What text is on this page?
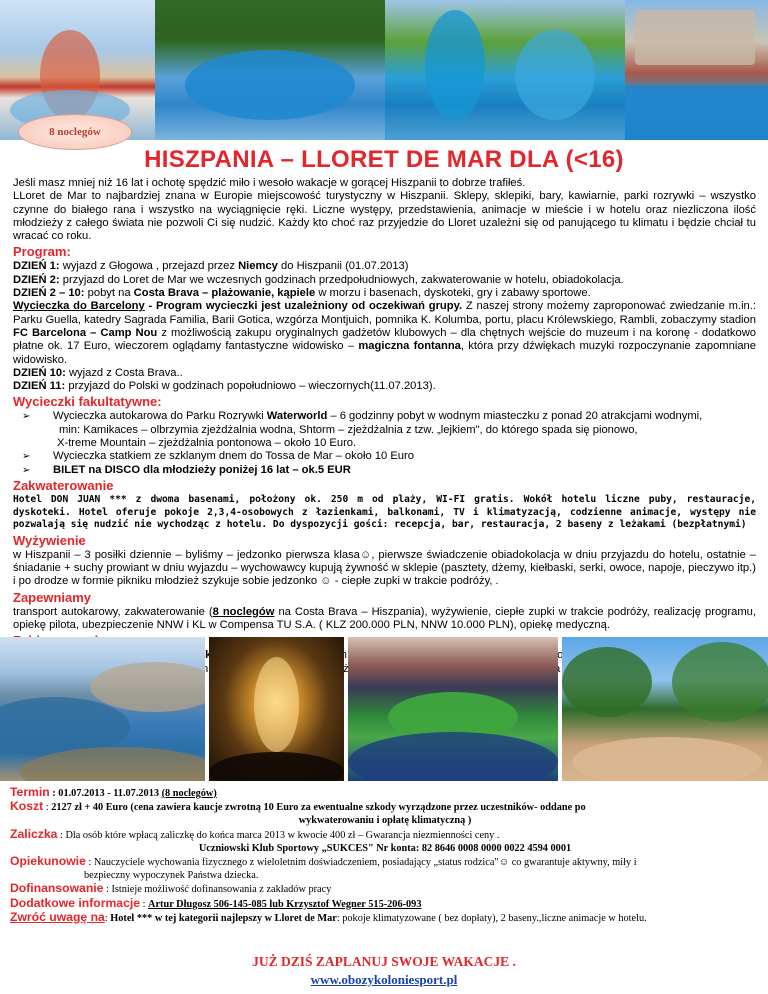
8 noclegów
HISZPANIA – LLORET DE MAR DLA (<16)

Jeśli masz mniej niż 16 lat i ochotę spędzić miło i wesoło wakacje w gorącej Hiszpanii to dobrze trafiłeś.

LLoret de Mar to najbardziej znana w Europie miejscowość turystyczny w Hiszpanii. Sklepy, sklepiki, bary, kawiarnie, parki rozrywki – wszystko czynne do białego rana i wszystko na wyciągnięcie ręki. Liczne występy, przedstawienia, animacje w mieście i w hotelu oraz niezliczona ilość młodzieży z całego świata nie pozwoli Ci się nudzić. Każdy kto choć raz przyjedzie do Lloret uzależni się od panującego tu klimatu i będzie chciał tu wracać co roku.

Program:

DZIEŃ 1: wyjazd z Głogowa , przejazd przez Niemcy do Hiszpanii (01.07.2013)

DZIEŃ 2: przyjazd do Loret de Mar we wczesnych godzinach przedpołudniowych, zakwaterowanie w hotelu, obiadokolacja.

DZIEŃ 2 – 10: pobyt na Costa Brava – plażowanie, kąpiele w morzu i basenach, dyskoteki, gry i zabawy sportowe.

Wycieczka do Barcelony - Program wycieczki jest uzależniony od oczekiwań grupy. Z naszej strony możemy zaproponować zwiedzanie m.in.: Parku Guella, katedry Sagrada Familia, Barii Gotica, wzgórza Montjuich, pomnika K. Kolumba, portu, placu Królewskiego, Rambli, zobaczymy stadion FC Barcelona – Camp Nou z możliwością zakupu oryginalnych gadżetów klubowych – dla chętnych wejście do muzeum i na koronę - dodatkowo płatne ok. 17 Euro, wieczorem oglądamy fantastyczne widowisko – magiczna fontanna, która przy dźwiękach muzyki rozpoczynanie zapomniane widowisko.

DZIEŃ 10: wyjazd z Costa Brava..

DZIEŃ 11: przyjazd do Polski w godzinach popołudniowo – wieczornych(11.07.2013).

Wycieczki fakultatywne:
➢ Wycieczka autokarowa do Parku Rozrywki Waterworld – 6 godzinny pobyt w wodnym miasteczku z ponad 20 atrakcjami wodnymi,
min: Kamikaces – olbrzymia zjeżdżalnia wodna, Shtorm – zjeżdżalnia z tzw. „lejkiem", do którego spada się pionowo,
X-treme Mountain – zjeżdżalnia pontonowa – około 10 Euro.
➢ Wycieczka statkiem ze szklanym dnem do Tossa de Mar – około 10 Euro
➢ BILET na DISCO dla młodzieży poniżej 16 lat – ok.5 EUR
Zakwaterowanie

Hotel DON JUAN *** z dwoma basenami, położony ok. 250 m od plaży, WI-FI gratis. Wokół hotelu liczne puby, restauracje, dyskoteki. Hotel oferuje pokoje 2,3,4-osobowych z łazienkami, balkonami, TV i klimatyzacją, codzienne animacje, występy nie pozwalają się nudzić nie wychodząc z hotelu. Do dyspozycji gości: recepcja, bar, restauracja, 2 baseny z leżakami (bezpłatnymi)

Wyżywienie

w Hiszpanii – 3 posiłki dziennie – byliśmy – jedzonko pierwsza klasa☺, pierwsze świadczenie obiadokolacja w dniu przyjazdu do hotelu, ostatnie – śniadanie + suchy prowiant w dniu wyjazdu – wychowawcy kupują żywność w sklepie (pasztety, dżemy, kiełbaski, serki, owoce, napoje, pieczywo itp.) i po drodze w formie pikniku młodzież szykuje sobie jedzonko ☺ - ciepłe zupki w trakcie podróży, .

Zapewniamy

transport autokarowy, zakwaterowanie (8 noclegów na Costa Brava – Hiszpania), wyżywienie, ciepłe zupki w trakcie podróży, realizację programu, opiekę pilota, ubezpieczenie NNW i KL w Compensa TU S.A. ( KLZ 200.000 PLN, NNW 10.000 PLN), opiekę medyczną.

każdy

Termin : 01.07.2013 - 11.07.2013 (8 noclegów)
Koszt : 2127 zł + 40 Euro (cena zawiera kaucje zwrotną 10 Euro za ewentualne szkody wyrządzone przez uczestników- oddane po
wykwaterowaniu i opłatę klimatyczną )
Zaliczka : Dla osób które wpłacą zaliczkę do końca marca 2013 w kwocie 400 zł – Gwarancja niezmienności ceny .
Uczniowski Klub Sportowy „SUKCES" Nr konta: 82 8646 0008 0000 0022 4594 0001
Opiekunowie : Nauczyciele wychowania fizycznego z wieloletnim doświadczeniem, posiadający „status rodzica"☺ co gwarantuje aktywny, miły i
bezpieczny wypoczynek Państwa dziecka.
Dofinansowanie : Istnieje możliwość dofinansowania z zakładów pracy
Dodatkowe informacje : Artur Długosz 506-145-085 lub Krzysztof Wegner 515-206-093
Zwróć uwagę na: Hotel *** w tej kategorii najlepszy w Lloret de Mar: pokoje klimatyzowane ( bez dopłaty), 2 baseny.,liczne animacje w hotelu.
JUŻ DZIŚ ZAPLANUJ SWOJE WAKACJE .
www.obozykoloniesport.pl
